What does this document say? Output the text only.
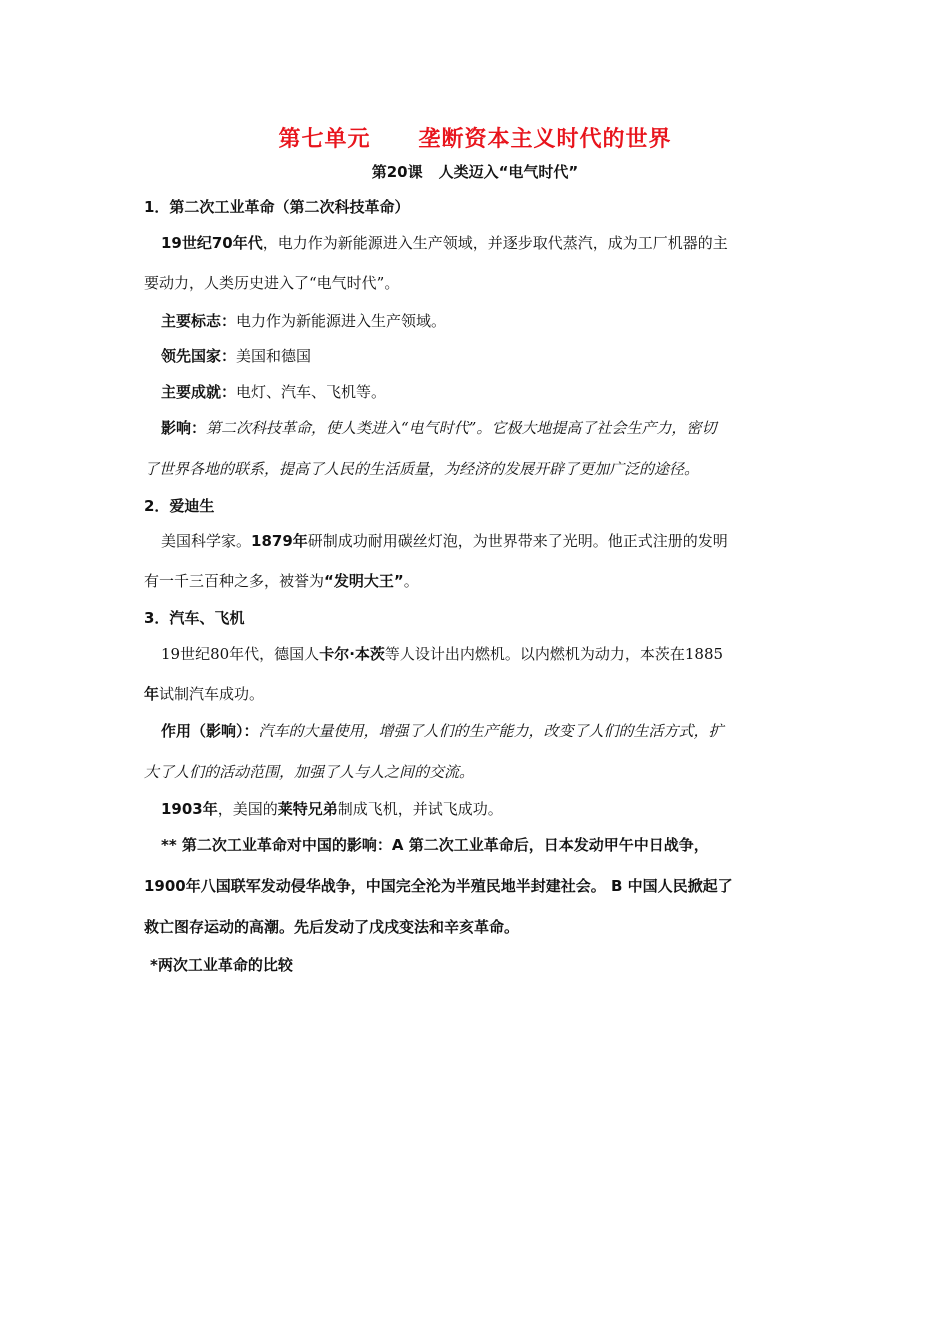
第七单元 垄断资本主义时代的世界
第20课 人类迈入“电气时代”
1．第二次工业革命（第二次科技革命）
19世纪70年代，电力作为新能源进入生产领域，并逐步取代蒸汽，成为工厂机器的主
要动力，人类历史进入了“电气时代”。
主要标志：电力作为新能源进入生产领域。
领先国家：美国和德国
主要成就：电灯、汽车、飞机等。
影响：第二次科技革命，使人类进入“电气时代”。它极大地提高了社会生产力，密切
了世界各地的联系，提高了人民的生活质量，为经济的发展开辟了更加广泛的途径。
2．爱迪生
美国科学家。1879年研制成功耐用碳丝灯泡，为世界带来了光明。他正式注册的发明
有一千三百种之多，被誉为“发明大王”。
3．汽车、飞机
19世纪80年代，德国人卡尔·本茨等人设计出内燃机。以内燃机为动力，本茨在1885
年试制汽车成功。
作用（影响）：汽车的大量使用，增强了人们的生产能力，改变了人们的生活方式，扩
大了人们的活动范围，加强了人与人之间的交流。
1903年，美国的莱特兄弟制成飞机，并试飞成功。
** 第二次工业革命对中国的影响：A 第二次工业革命后，日本发动甲午中日战争，
1900年八国联军发动侵华战争，中国完全沦为半殖民地半封建社会。 B 中国人民掀起了
救亡图存运动的高潮。先后发动了戊戌变法和辛亥革命。
*两次工业革命的比较
